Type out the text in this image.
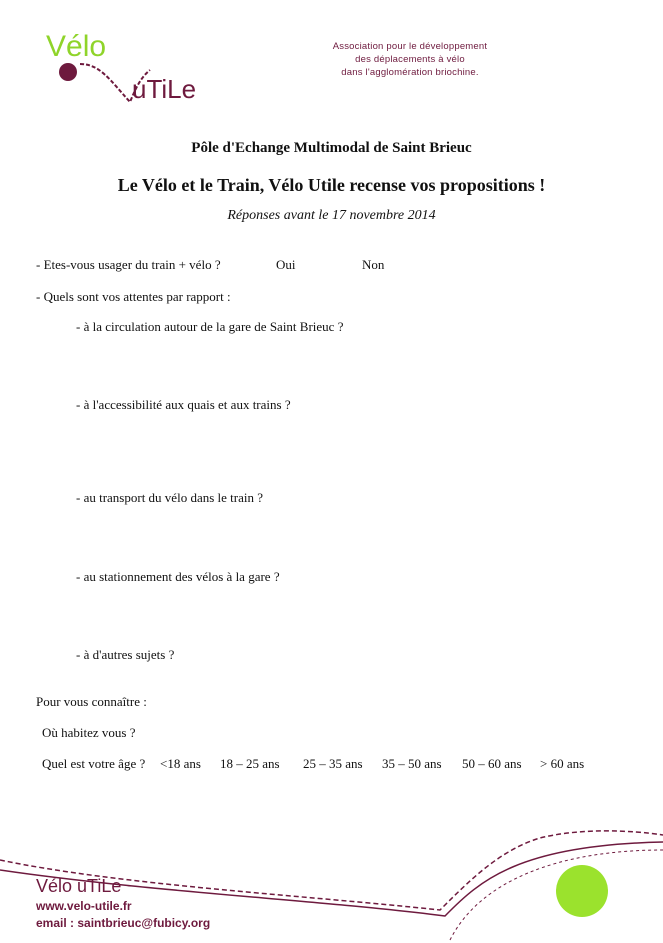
Vélo
uTiLe
Association pour le développement
des déplacements à vélo
dans l'agglomération briochine.
Pôle d'Echange Multimodal de Saint Brieuc
Le Vélo et le Train, Vélo Utile recense vos propositions !
Réponses avant le 17 novembre 2014
- Etes-vous usager du train + vélo ?	Oui	Non
- Quels sont vos attentes par rapport :
- à la circulation autour de la gare de Saint Brieuc ?
- à l'accessibilité aux quais et aux trains ?
- au transport du vélo dans le train ?
- au stationnement des vélos à la gare ?
- à d'autres sujets ?
Pour vous connaître :
Où habitez vous ?
Quel est votre âge ? <18 ans 18 – 25 ans 25 – 35 ans 35 – 50 ans 50 – 60 ans > 60 ans
Vélo uTiLe
www.velo-utile.fr
email : saintbrieuc@fubicy.org
